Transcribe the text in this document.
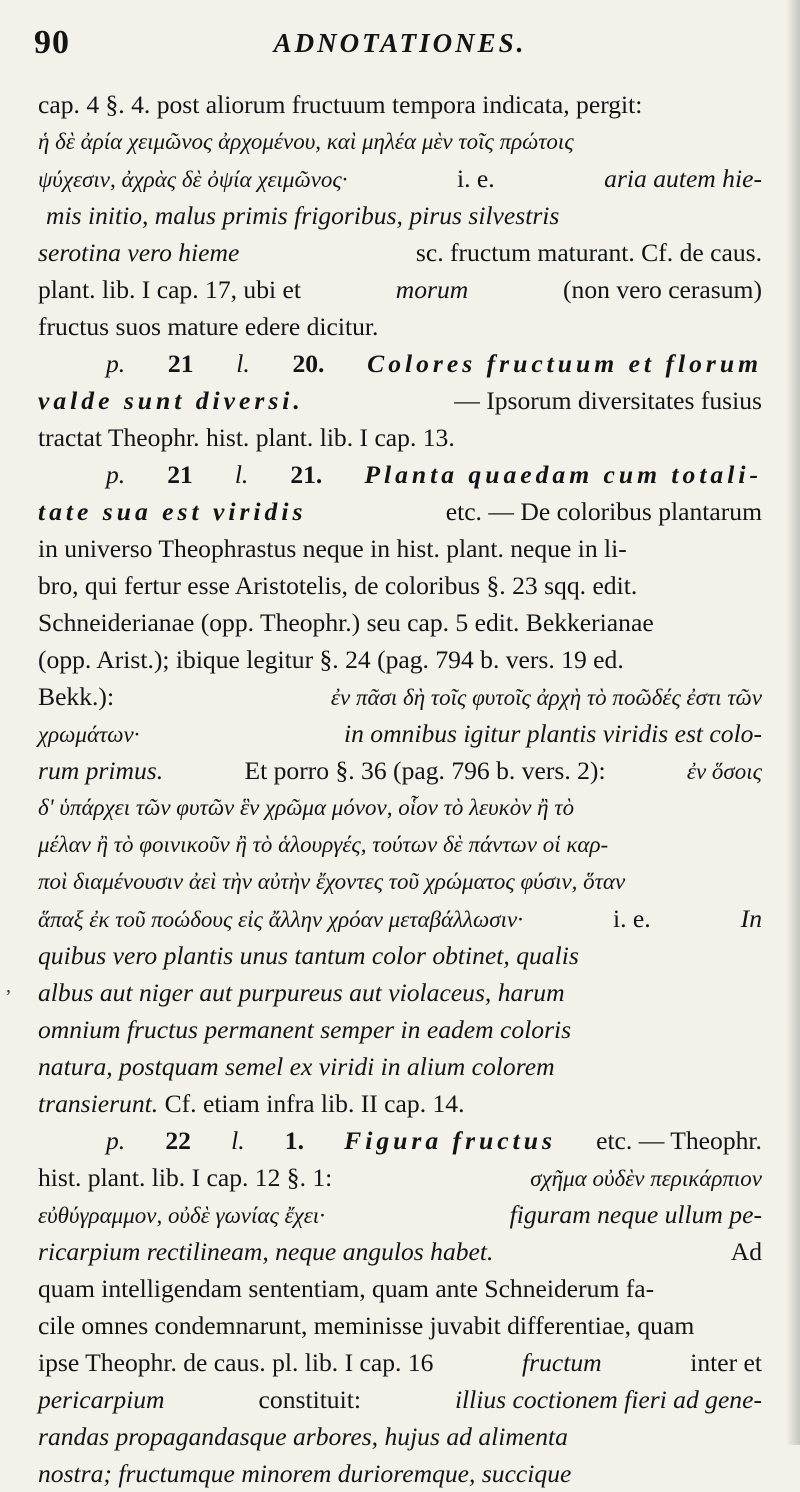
90	ADNOTATIONES.
,
cap. 4 §. 4. post aliorum fructuum tempora indicata, pergit:
ἡ δὲ ἀρία χειμῶνος ἀρχομένου, καὶ μηλέα μὲν τοῖς πρώτοις
ψύχεσιν, ἀχρὰς δὲ ὀψία χειμῶνος·	i. e.	aria autem hie-
mis initio, malus primis frigoribus, pirus silvestris
serotina vero hieme	sc. fructum maturant. Cf. de caus.
plant. lib. I cap. 17, ubi et	morum	(non vero cerasum)
fructus suos mature edere dicitur.
p. 21 l. 20. Colores fructuum et florum
valde sunt diversi.	— Ipsorum diversitates fusius
tractat Theophr. hist. plant. lib. I cap. 13.
p. 21 l. 21. Planta quaedam cum totali-
tate sua est viridis	etc. — De coloribus plantarum
in universo Theophrastus neque in hist. plant. neque in li-
bro, qui fertur esse Aristotelis, de coloribus §. 23 sqq. edit.
Schneiderianae (opp. Theophr.) seu cap. 5 edit. Bekkerianae
(opp. Arist.); ibique legitur §. 24 (pag. 794 b. vers. 19 ed.
Bekk.):	ἐν πᾶσι δὴ τοῖς φυτοῖς ἀρχὴ τὸ ποῶδές ἐστι τῶν
χρωμάτων·	in omnibus igitur plantis viridis est colo-
rum primus.	Et porro §. 36 (pag. 796 b. vers. 2):	ἐν ὅσοις
δ' ὑπάρχει τῶν φυτῶν ἓν χρῶμα μόνον, οἷον τὸ λευκὸν ἢ τὸ
μέλαν ἢ τὸ φοινικοῦν ἢ τὸ ἁλουργές, τούτων δὲ πάντων οἱ καρ-
ποὶ διαμένουσιν ἀεὶ τὴν αὐτὴν ἔχοντες τοῦ χρώματος φύσιν, ὅταν
ἅπαξ ἐκ τοῦ ποώδους εἰς ἄλλην χρόαν μεταβάλλωσιν·	i. e.	In
quibus vero plantis unus tantum color obtinet, qualis
albus aut niger aut purpureus aut violaceus, harum
omnium fructus permanent semper in eadem coloris
natura, postquam semel ex viridi in alium colorem
transierunt. Cf. etiam infra lib. II cap. 14.
p. 22 l. 1. Figura fructus etc. — Theophr.
hist. plant. lib. I cap. 12 §. 1:	σχῆμα οὐδὲν περικάρπιον
εὐθύγραμμον, οὐδὲ γωνίας ἔχει·	figuram neque ullum pe-
ricarpium rectilineam, neque angulos habet.	Ad
quam intelligendam sententiam, quam ante Schneiderum fa-
cile omnes condemnarunt, meminisse juvabit differentiae, quam
ipse Theophr. de caus. pl. lib. I cap. 16	fructum	inter et
pericarpium	constituit:	illius coctionem fieri ad gene-
randas propagandasque arbores, hujus ad alimenta
nostra; fructumque minorem durioremque, succique
